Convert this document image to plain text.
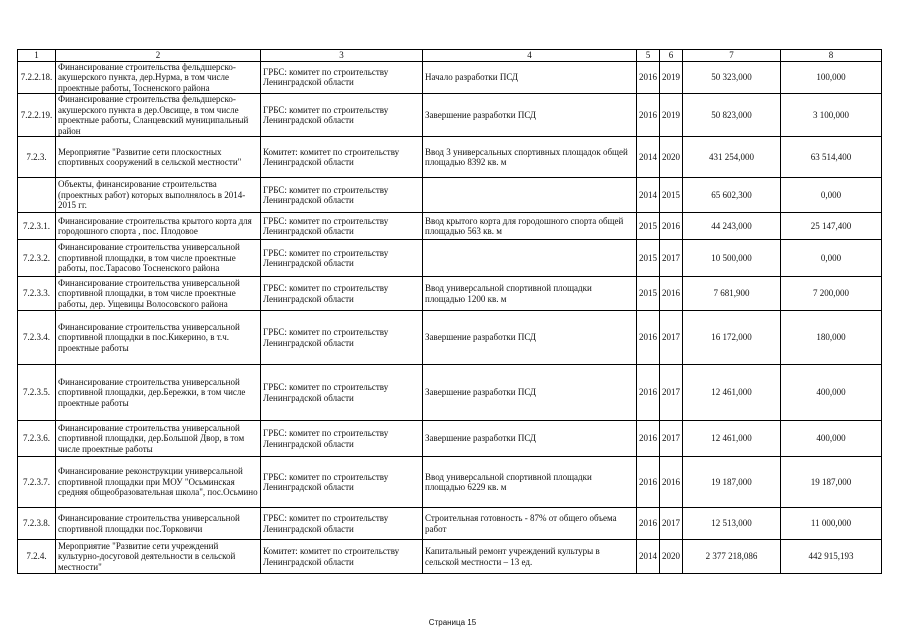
1	2	3	4	5	6	7	8
7.2.2.18.	Финансирование строительства фельдшерско-акушерского пункта, дер.Нурма, в том числе проектные работы, Тосненского района	ГРБС: комитет по строительству Ленинградской области	Начало разработки ПСД	2016	2019	50 323,000	100,000
7.2.2.19.	Финансирование строительства фельдшерско-акушерского пункта в дер.Овсище, в том числе проектные работы, Сланцевский муниципальный район	ГРБС: комитет по строительству Ленинградской области	Завершение разработки ПСД	2016	2019	50 823,000	3 100,000
7.2.3.	Мероприятие "Развитие сети плоскостных спортивных сооружений в сельской местности"	Комитет: комитет по строительству Ленинградской области	Ввод 3 универсальных спортивных площадок общей площадью 8392 кв. м	2014	2020	431 254,000	63 514,400
	Объекты, финансирование строительства (проектных работ) которых выполнялось в 2014-2015 гг.	ГРБС: комитет по строительству Ленинградской области		2014	2015	65 602,300	0,000
7.2.3.1.	Финансирование строительства крытого корта для городошного спорта , пос. Плодовое	ГРБС: комитет по строительству Ленинградской области	Ввод крытого корта для городошного спорта общей площадью 563 кв. м	2015	2016	44 243,000	25 147,400
7.2.3.2.	Финансирование строительства универсальной спортивной площадки, в том числе проектные работы, пос.Тарасово Тосненского района	ГРБС: комитет по строительству Ленинградской области		2015	2017	10 500,000	0,000
7.2.3.3.	Финансирование строительства универсальной спортивной площадки, в том числе проектные работы, дер. Ущевицы Волосовского района	ГРБС: комитет по строительству Ленинградской области	Ввод универсальной спортивной площадки площадью 1200 кв. м	2015	2016	7 681,900	7 200,000
7.2.3.4.	Финансирование строительства универсальной спортивной площадки в пос.Кикерино, в т.ч. проектные работы	ГРБС: комитет по строительству Ленинградской области	Завершение разработки ПСД	2016	2017	16 172,000	180,000
7.2.3.5.	Финансирование строительства универсальной спортивной площадки, дер.Бережки, в том числе проектные работы	ГРБС: комитет по строительству Ленинградской области	Завершение разработки ПСД	2016	2017	12 461,000	400,000
7.2.3.6.	Финансирование строительства универсальной спортивной площадки, дер.Большой Двор, в том числе проектные работы	ГРБС: комитет по строительству Ленинградской области	Завершение разработки ПСД	2016	2017	12 461,000	400,000
7.2.3.7.	Финансирование реконструкции универсальной спортивной площадки при МОУ "Осьминская средняя общеобразовательная школа", пос.Осьмино	ГРБС: комитет по строительству Ленинградской области	Ввод универсальной спортивной площадки площадью 6229 кв. м	2016	2016	19 187,000	19 187,000
7.2.3.8.	Финансирование строительства универсальной спортивной площадки пос.Торковичи	ГРБС: комитет по строительству Ленинградской области	Строительная готовность - 87% от общего объема работ	2016	2017	12 513,000	11 000,000
7.2.4.	Мероприятие "Развитие сети учреждений культурно-досуговой деятельности в сельской местности"	Комитет: комитет по строительству Ленинградской области	Капитальный ремонт учреждений культуры в сельской местности – 13 ед.	2014	2020	2 377 218,086	442 915,193
Страница 15
